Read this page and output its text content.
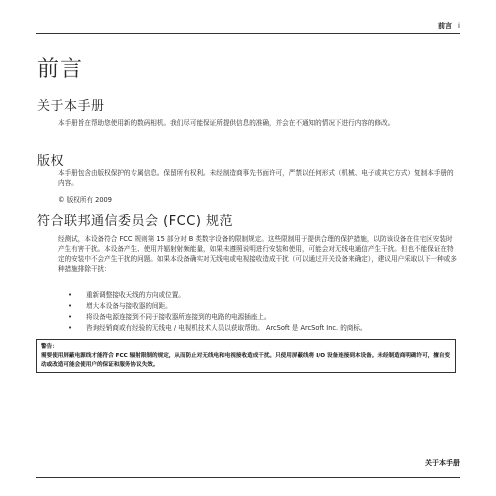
前言 i
前言
关于本手册
本手册旨在帮助您使用新的数码相机。我们尽可能保证所提供信息的准确，并会在不通知的情况下进行内容的修改。
版权
本手册包含由版权保护的专属信息。保留所有权利。未经制造商事先书面许可，严禁以任何形式（机械、电子或其它方式）复制本手册的内容。
© 版权所有 2009
符合联邦通信委员会 (FCC) 规范
经测试，本设备符合 FCC 规则第 15 部分对 B 类数字设备的限制规定。这些限制用于提供合理的保护措施，以防该设备在住宅区安装时产生有害干扰。本设备产生、使用并辐射射频能量，如果未遵照说明进行安装和使用，可能会对无线电通信产生干扰。但也不能保证在特定的安装中不会产生干扰的问题。如果本设备确实对无线电或电视接收造成干扰（可以通过开关设备来确定），建议用户采取以下一种或多种措施排除干扰：
• 重新调整接收天线的方向或位置。
• 增大本设备与接收器的间距。
• 将设备电源连接到不同于接收器所连接到的电路的电源插座上。
• 咨询经销商或有经验的无线电 / 电视机技术人员以获取帮助。 ArcSoft 是 ArcSoft Inc. 的商标。
警告：
需要使用屏蔽电源线才能符合 FCC 辐射限制的规定，从而防止对无线电和电视接收造成干扰。只使用屏蔽线将 I/O 设备连接到本设备。未经制造商明确许可，擅自变动或改造可能会使用户的保证和服务协议失效。
关于本手册
